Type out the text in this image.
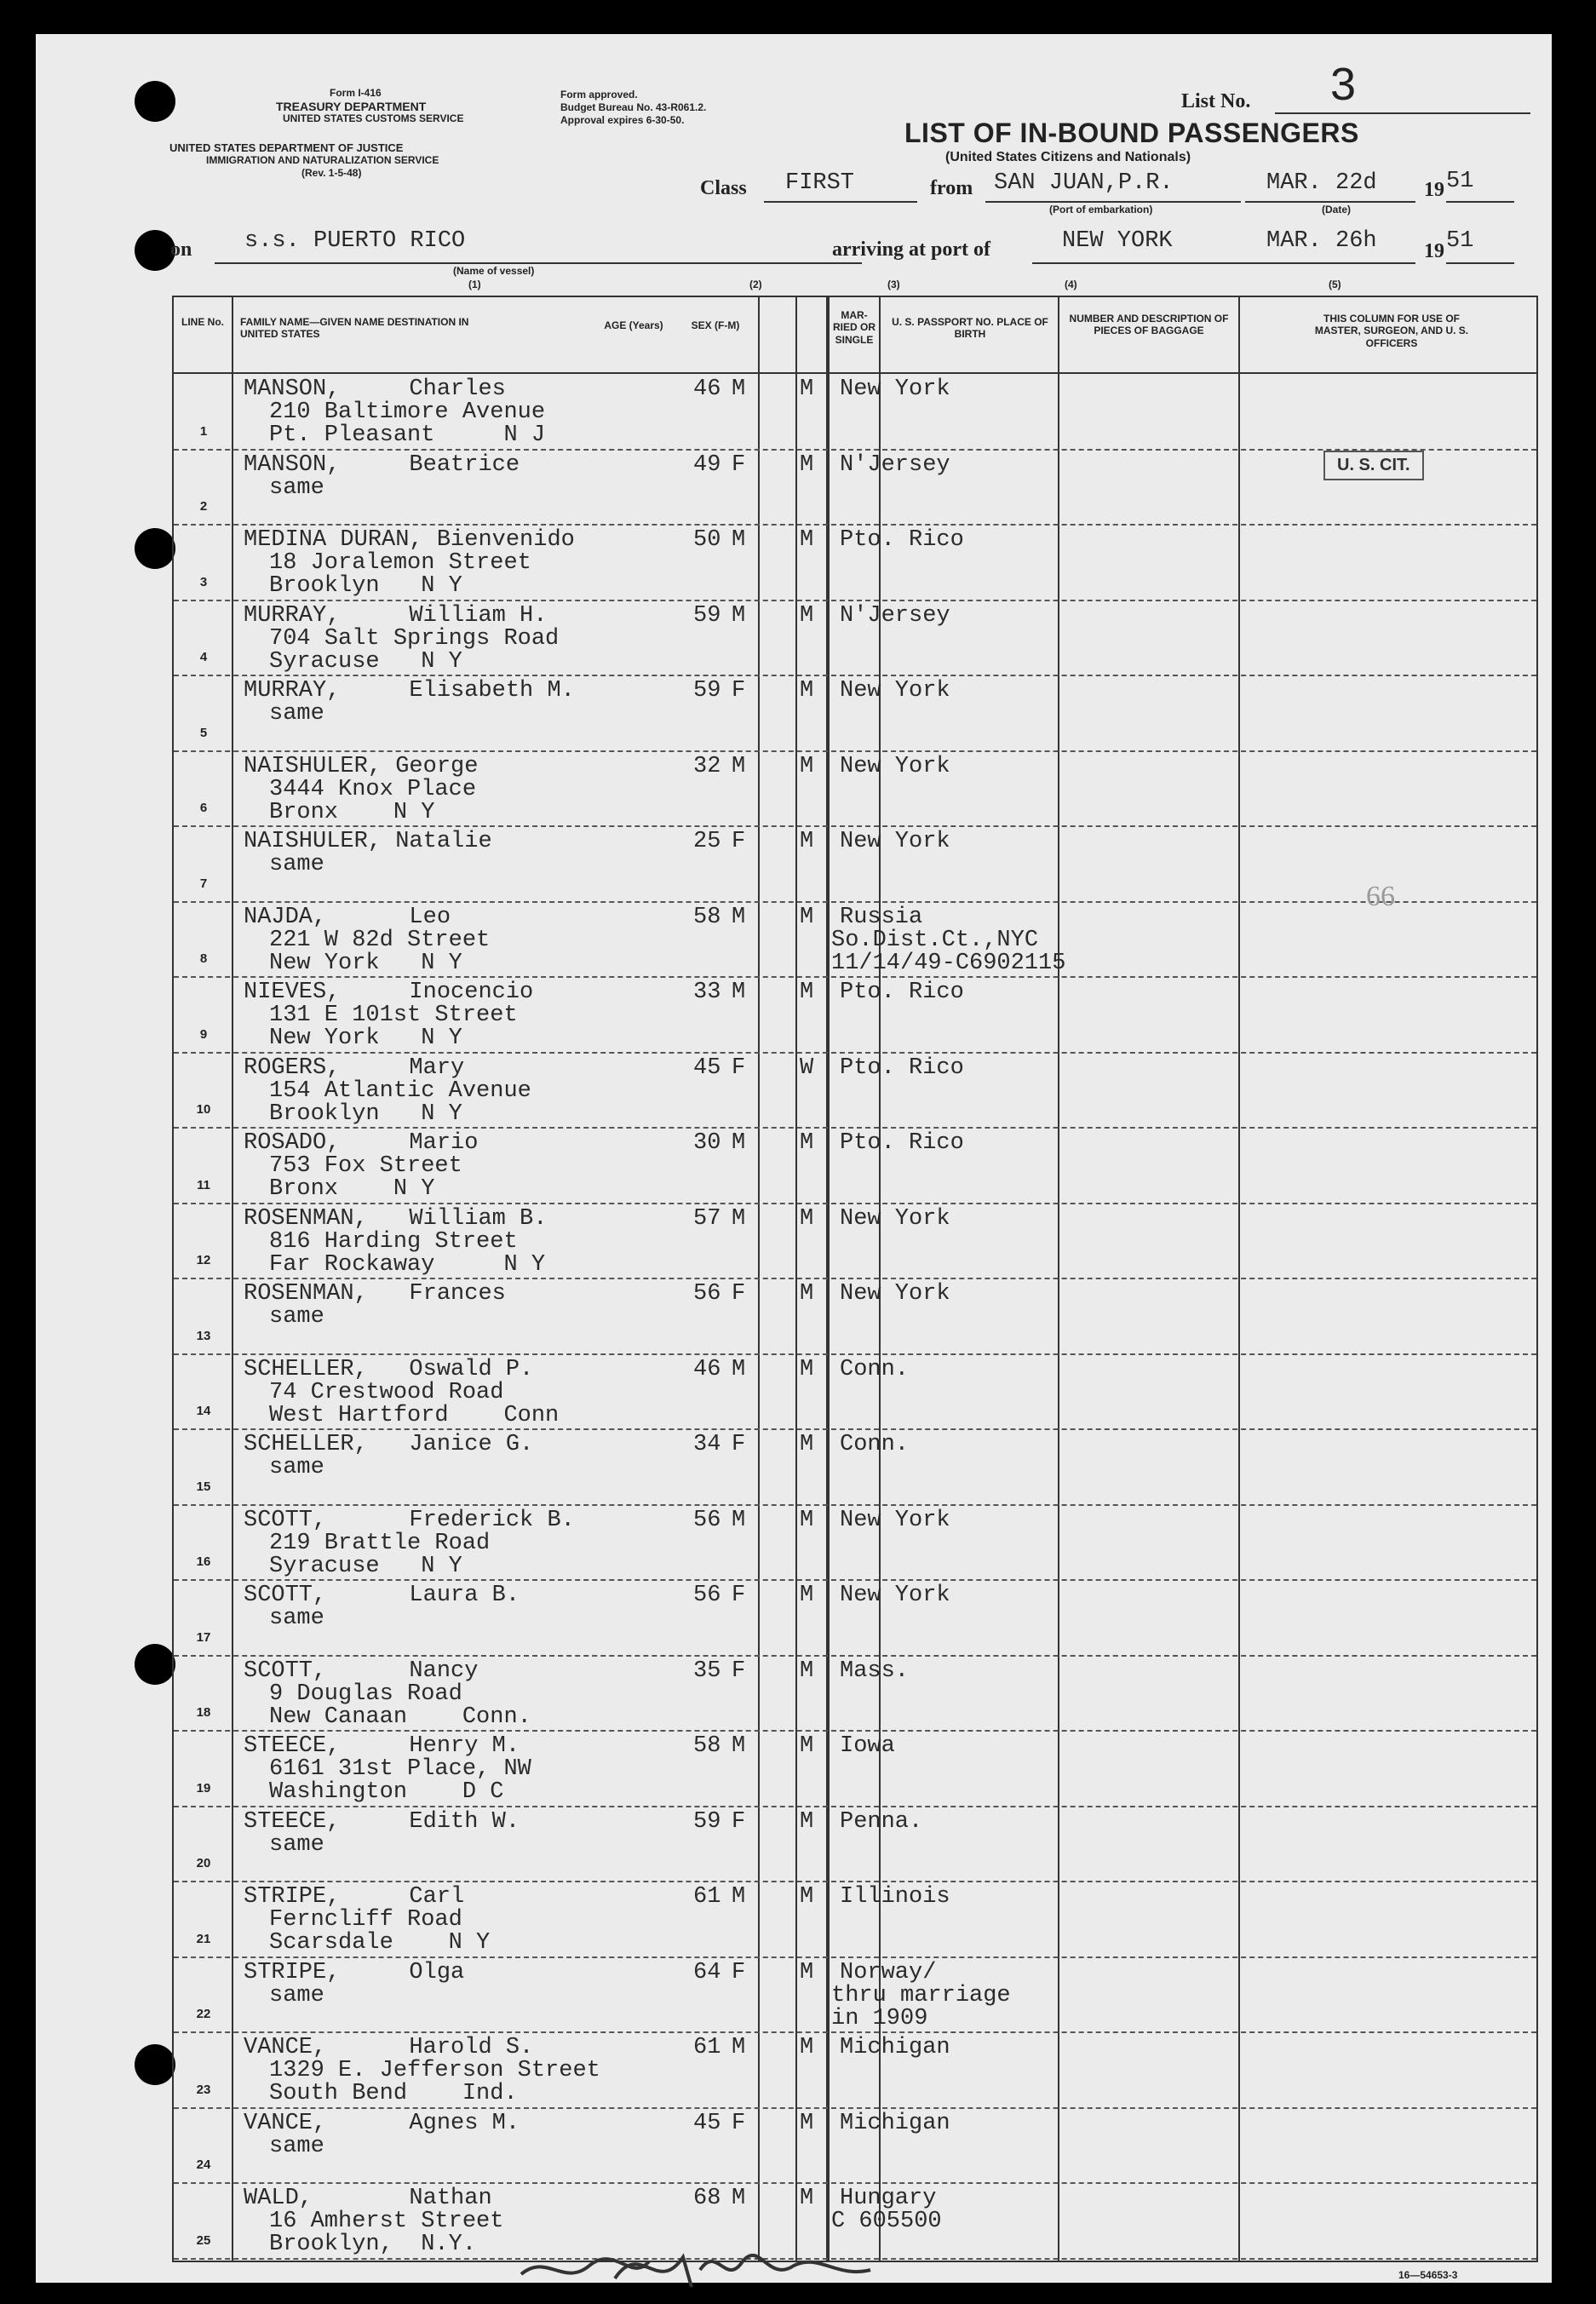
Form I-416
TREASURY DEPARTMENT
UNITED STATES CUSTOMS SERVICE
UNITED STATES DEPARTMENT OF JUSTICE
IMMIGRATION AND NATURALIZATION SERVICE
(Rev. 1-5-48)
Form approved.
Budget Bureau No. 43-R061.2.
Approval expires 6-30-50.
List No. 3
LIST OF IN-BOUND PASSENGERS
(United States Citizens and Nationals)
Class FIRST	from SAN JUAN,P.R.
(Port of embarkation)
MAR. 22d
(Date)
19 51
on s.s. PUERTO RICO
(Name of vessel)
(1)
arriving at port of	NEW YORK	MAR. 26h 19 51
(2)	(3)	(4)	(5)
LINE No.	FAMILY NAME—GIVEN NAME DESTINATION IN UNITED STATES
AGE (Years)	SEX (F-M)
MAR-RIED OR SINGLE
U. S. PASSPORT NO. PLACE OF BIRTH
NUMBER AND DESCRIPTION OF PIECES OF BAGGAGE
THIS COLUMN FOR USE OF MASTER, SURGEON, AND U. S. OFFICERS
1
MANSON,     Charles
210 Baltimore Avenue
Pt. Pleasant     N J
46 M M New York
2
MANSON,     Beatrice
same
49 F M N'Jersey
3
MEDINA DURAN, Bienvenido
18 Joralemon Street
Brooklyn   N Y
50 M M Pto. Rico
4
MURRAY,     William H.
704 Salt Springs Road
Syracuse   N Y
59 M M N'Jersey
5
MURRAY,     Elisabeth M.
same
59 F M New York
6
NAISHULER, George
3444 Knox Place
Bronx    N Y
32 M M New York
7
NAISHULER, Natalie
same
25 F M New York
8
NAJDA,      Leo
221 W 82d Street
New York   N Y
58 M M Russia
So.Dist.Ct.,NYC
11/14/49-C6902115
9
NIEVES,     Inocencio
131 E 101st Street
New York   N Y
33 M M Pto. Rico
10
ROGERS,     Mary
154 Atlantic Avenue
Brooklyn   N Y
45 F W Pto. Rico
11
ROSADO,     Mario
753 Fox Street
Bronx    N Y
30 M M Pto. Rico
12
ROSENMAN,   William B.
816 Harding Street
Far Rockaway     N Y
57 M M New York
13
ROSENMAN,   Frances
same
56 F M New York
14
SCHELLER,   Oswald P.
74 Crestwood Road
West Hartford    Conn
46 M M Conn.
15
SCHELLER,   Janice G.
same
34 F M Conn.
16
SCOTT,      Frederick B.
219 Brattle Road
Syracuse   N Y
56 M M New York
17
SCOTT,      Laura B.
same
56 F M New York
18
SCOTT,      Nancy
9 Douglas Road
New Canaan    Conn.
35 F M Mass.
19
STEECE,     Henry M.
6161 31st Place, NW
Washington    D C
58 M M Iowa
20
STEECE,     Edith W.
same
59 F M Penna.
21
STRIPE,     Carl
Ferncliff Road
Scarsdale    N Y
61 M M Illinois
22
STRIPE,     Olga
same
64 F M Norway/
thru marriage
in 1909
23
VANCE,      Harold S.
1329 E. Jefferson Street
South Bend    Ind.
61 M M Michigan
24
VANCE,      Agnes M.
same
45 F M Michigan
25
WALD,       Nathan
16 Amherst Street
Brooklyn,  N.Y.
68 M M Hungary
C 605500
U. S. CIT.
66
16—54653-3
